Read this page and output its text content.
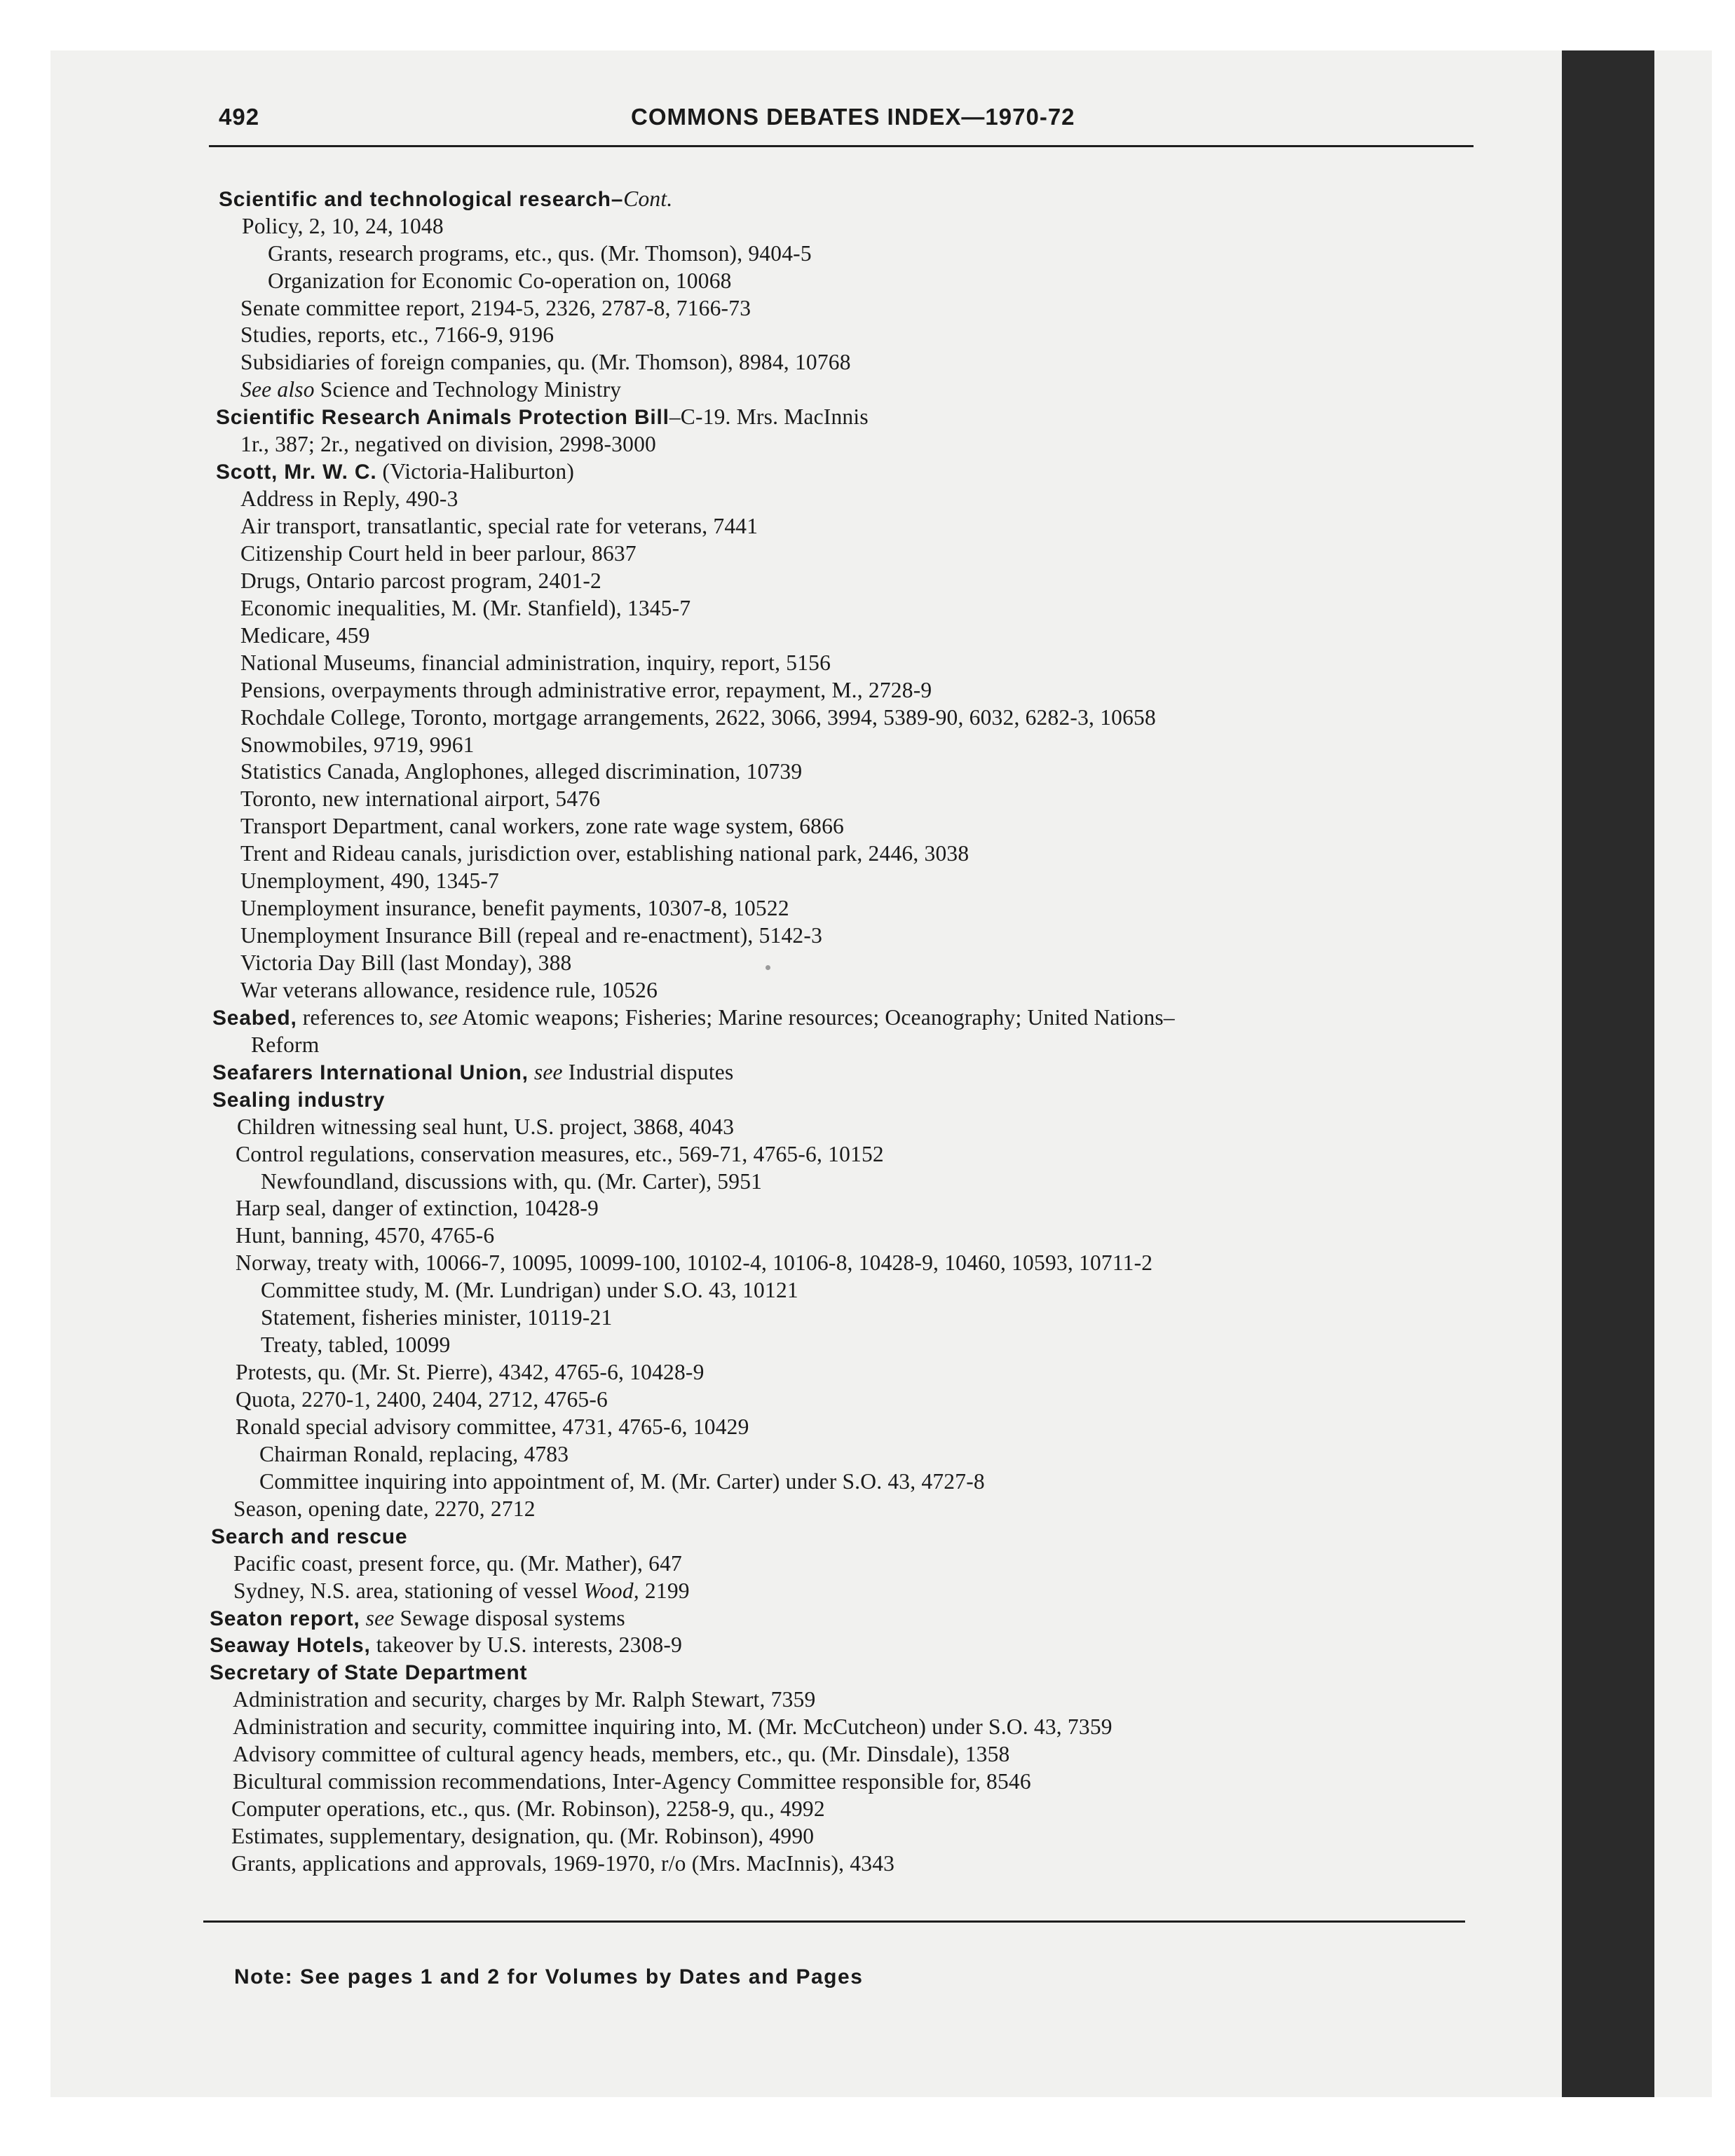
492	COMMONS DEBATES INDEX—1970-72
Scientific and technological research–Cont.
Policy, 2, 10, 24, 1048
Grants, research programs, etc., qus. (Mr. Thomson), 9404-5
Organization for Economic Co-operation on, 10068
Senate committee report, 2194-5, 2326, 2787-8, 7166-73
Studies, reports, etc., 7166-9, 9196
Subsidiaries of foreign companies, qu. (Mr. Thomson), 8984, 10768
See also Science and Technology Ministry
Scientific Research Animals Protection Bill–C-19. Mrs. MacInnis
1r., 387; 2r., negatived on division, 2998-3000
Scott, Mr. W. C. (Victoria-Haliburton)
Address in Reply, 490-3
Air transport, transatlantic, special rate for veterans, 7441
Citizenship Court held in beer parlour, 8637
Drugs, Ontario parcost program, 2401-2
Economic inequalities, M. (Mr. Stanfield), 1345-7
Medicare, 459
National Museums, financial administration, inquiry, report, 5156
Pensions, overpayments through administrative error, repayment, M., 2728-9
Rochdale College, Toronto, mortgage arrangements, 2622, 3066, 3994, 5389-90, 6032, 6282-3, 10658
Snowmobiles, 9719, 9961
Statistics Canada, Anglophones, alleged discrimination, 10739
Toronto, new international airport, 5476
Transport Department, canal workers, zone rate wage system, 6866
Trent and Rideau canals, jurisdiction over, establishing national park, 2446, 3038
Unemployment, 490, 1345-7
Unemployment insurance, benefit payments, 10307-8, 10522
Unemployment Insurance Bill (repeal and re-enactment), 5142-3
Victoria Day Bill (last Monday), 388
War veterans allowance, residence rule, 10526
Seabed, references to, see Atomic weapons; Fisheries; Marine resources; Oceanography; United Nations–
Reform
Seafarers International Union, see Industrial disputes
Sealing industry
Children witnessing seal hunt, U.S. project, 3868, 4043
Control regulations, conservation measures, etc., 569-71, 4765-6, 10152
Newfoundland, discussions with, qu. (Mr. Carter), 5951
Harp seal, danger of extinction, 10428-9
Hunt, banning, 4570, 4765-6
Norway, treaty with, 10066-7, 10095, 10099-100, 10102-4, 10106-8, 10428-9, 10460, 10593, 10711-2
Committee study, M. (Mr. Lundrigan) under S.O. 43, 10121
Statement, fisheries minister, 10119-21
Treaty, tabled, 10099
Protests, qu. (Mr. St. Pierre), 4342, 4765-6, 10428-9
Quota, 2270-1, 2400, 2404, 2712, 4765-6
Ronald special advisory committee, 4731, 4765-6, 10429
Chairman Ronald, replacing, 4783
Committee inquiring into appointment of, M. (Mr. Carter) under S.O. 43, 4727-8
Season, opening date, 2270, 2712
Search and rescue
Pacific coast, present force, qu. (Mr. Mather), 647
Sydney, N.S. area, stationing of vessel Wood, 2199
Seaton report, see Sewage disposal systems
Seaway Hotels, takeover by U.S. interests, 2308-9
Secretary of State Department
Administration and security, charges by Mr. Ralph Stewart, 7359
Administration and security, committee inquiring into, M. (Mr. McCutcheon) under S.O. 43, 7359
Advisory committee of cultural agency heads, members, etc., qu. (Mr. Dinsdale), 1358
Bicultural commission recommendations, Inter-Agency Committee responsible for, 8546
Computer operations, etc., qus. (Mr. Robinson), 2258-9, qu., 4992
Estimates, supplementary, designation, qu. (Mr. Robinson), 4990
Grants, applications and approvals, 1969-1970, r/o (Mrs. MacInnis), 4343
Note: See pages 1 and 2 for Volumes by Dates and Pages
